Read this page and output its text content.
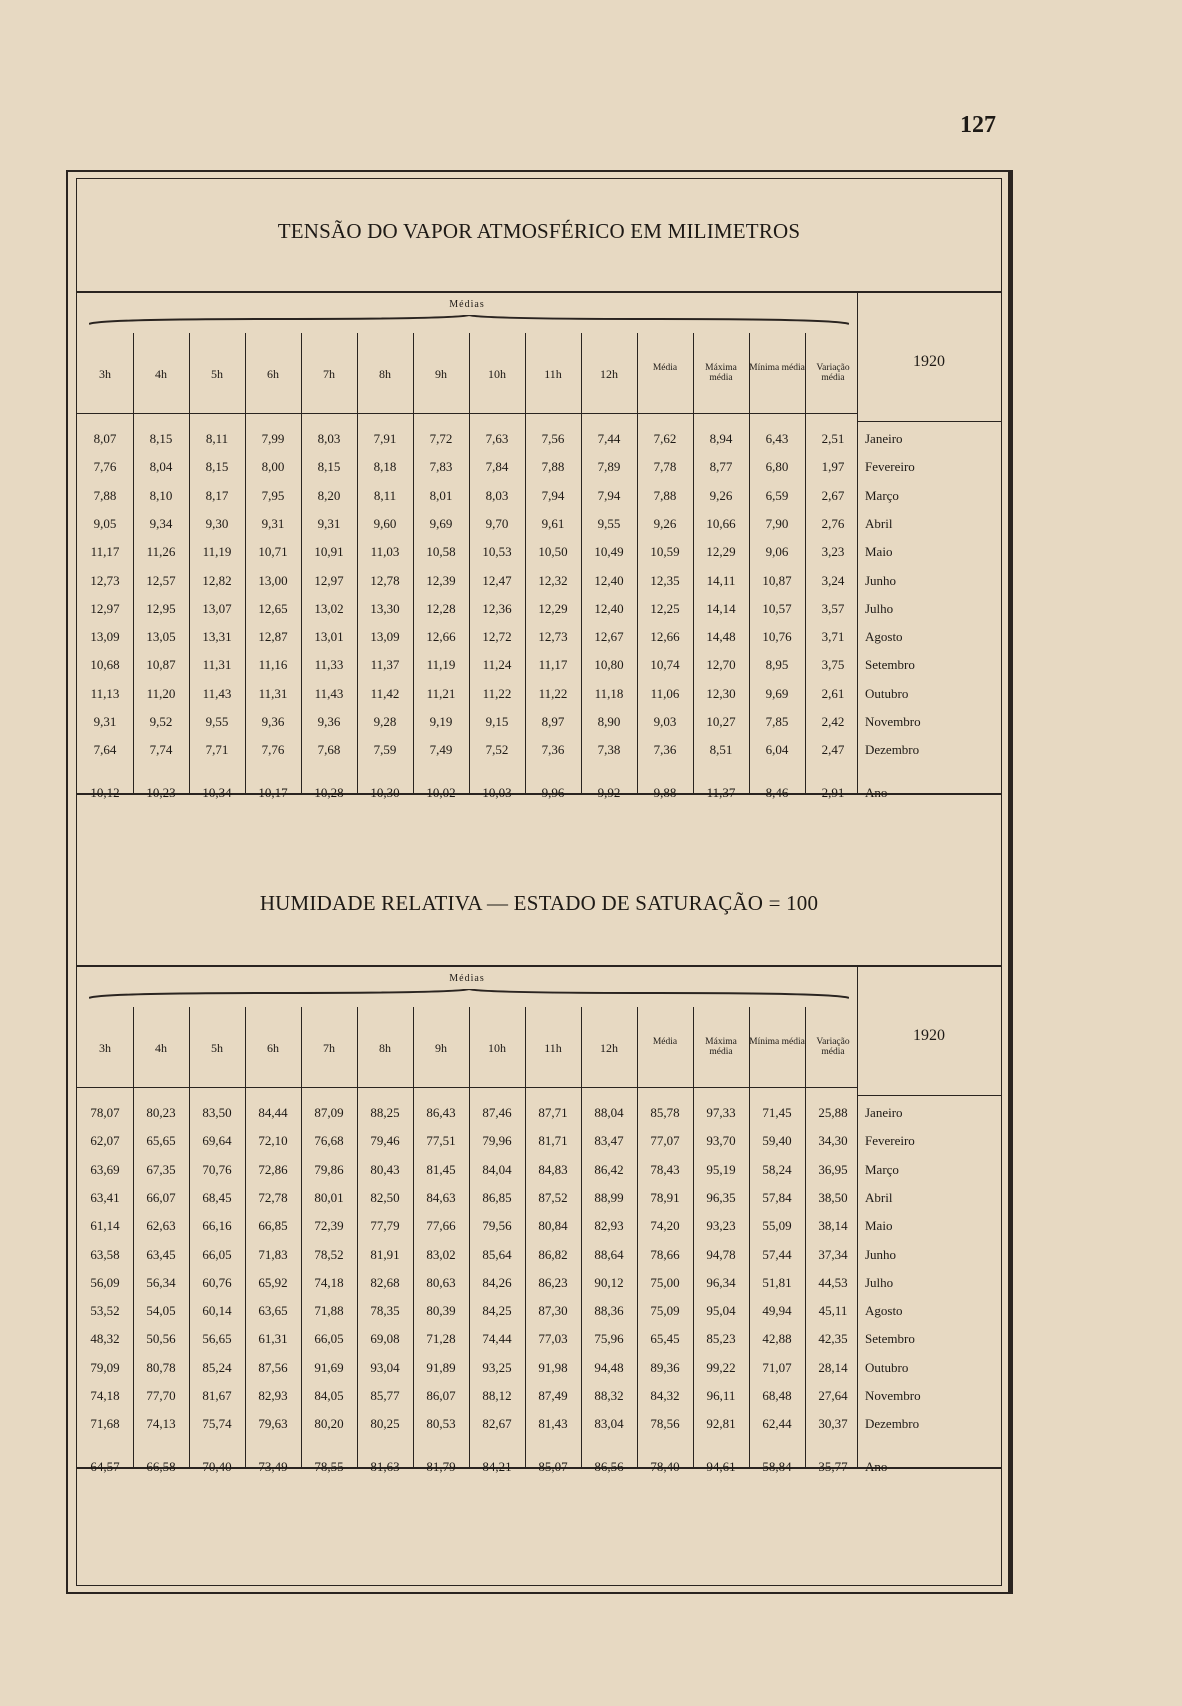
127
TENSÃO DO VAPOR ATMOSFÉRICO EM MILIMETROS
Médias
1920
3h	4h	5h	6h	7h	8h	9h	10h	11h	12h	Média	Máxima média
Mínima média	Variação média
8,07	8,15	8,11	7,99	8,03	7,91	7,72	7,63	7,56	7,44	7,62	8,94	6,43	2,51	Janeiro
7,76	8,04	8,15	8,00	8,15	8,18	7,83	7,84	7,88	7,89	7,78	8,77	6,80	1,97	Fevereiro
7,88	8,10	8,17	7,95	8,20	8,11	8,01	8,03	7,94	7,94	7,88	9,26	6,59	2,67	Março
9,05	9,34	9,30	9,31	9,31	9,60	9,69	9,70	9,61	9,55	9,26	10,66	7,90	2,76	Abril
11,17	11,26	11,19	10,71	10,91	11,03	10,58	10,53	10,50	10,49	10,59	12,29	9,06	3,23	Maio
12,73	12,57	12,82	13,00	12,97	12,78	12,39	12,47	12,32	12,40	12,35	14,11	10,87	3,24	Junho
12,97	12,95	13,07	12,65	13,02	13,30	12,28	12,36	12,29	12,40	12,25	14,14	10,57	3,57	Julho
13,09	13,05	13,31	12,87	13,01	13,09	12,66	12,72	12,73	12,67	12,66	14,48	10,76	3,71	Agosto
10,68	10,87	11,31	11,16	11,33	11,37	11,19	11,24	11,17	10,80	10,74	12,70	8,95	3,75	Setembro
11,13	11,20	11,43	11,31	11,43	11,42	11,21	11,22	11,22	11,18	11,06	12,30	9,69	2,61	Outubro
9,31	9,52	9,55	9,36	9,36	9,28	9,19	9,15	8,97	8,90	9,03	10,27	7,85	2,42	Novembro
7,64	7,74	7,71	7,76	7,68	7,59	7,49	7,52	7,36	7,38	7,36	8,51	6,04	2,47	Dezembro
10,12	10,23	10,34	10,17	10,28	10,30	10,02	10,03	9,96	9,92	9,88	11,37	8,46	2,91	Ano
HUMIDADE RELATIVA — ESTADO DE SATURAÇÃO = 100
Médias
1920
3h	4h	5h	6h	7h	8h	9h	10h	11h	12h	Média	Máxima média
Mínima média	Variação média
78,07	80,23	83,50	84,44	87,09	88,25	86,43	87,46	87,71	88,04	85,78	97,33	71,45	25,88	Janeiro
62,07	65,65	69,64	72,10	76,68	79,46	77,51	79,96	81,71	83,47	77,07	93,70	59,40	34,30	Fevereiro
63,69	67,35	70,76	72,86	79,86	80,43	81,45	84,04	84,83	86,42	78,43	95,19	58,24	36,95	Março
63,41	66,07	68,45	72,78	80,01	82,50	84,63	86,85	87,52	88,99	78,91	96,35	57,84	38,50	Abril
61,14	62,63	66,16	66,85	72,39	77,79	77,66	79,56	80,84	82,93	74,20	93,23	55,09	38,14	Maio
63,58	63,45	66,05	71,83	78,52	81,91	83,02	85,64	86,82	88,64	78,66	94,78	57,44	37,34	Junho
56,09	56,34	60,76	65,92	74,18	82,68	80,63	84,26	86,23	90,12	75,00	96,34	51,81	44,53	Julho
53,52	54,05	60,14	63,65	71,88	78,35	80,39	84,25	87,30	88,36	75,09	95,04	49,94	45,11	Agosto
48,32	50,56	56,65	61,31	66,05	69,08	71,28	74,44	77,03	75,96	65,45	85,23	42,88	42,35	Setembro
79,09	80,78	85,24	87,56	91,69	93,04	91,89	93,25	91,98	94,48	89,36	99,22	71,07	28,14	Outubro
74,18	77,70	81,67	82,93	84,05	85,77	86,07	88,12	87,49	88,32	84,32	96,11	68,48	27,64	Novembro
71,68	74,13	75,74	79,63	80,20	80,25	80,53	82,67	81,43	83,04	78,56	92,81	62,44	30,37	Dezembro
64,57	66,58	70,40	73,49	78,55	81,63	81,79	84,21	85,07	86,56	78,40	94,61	58,84	35,77	Ano
